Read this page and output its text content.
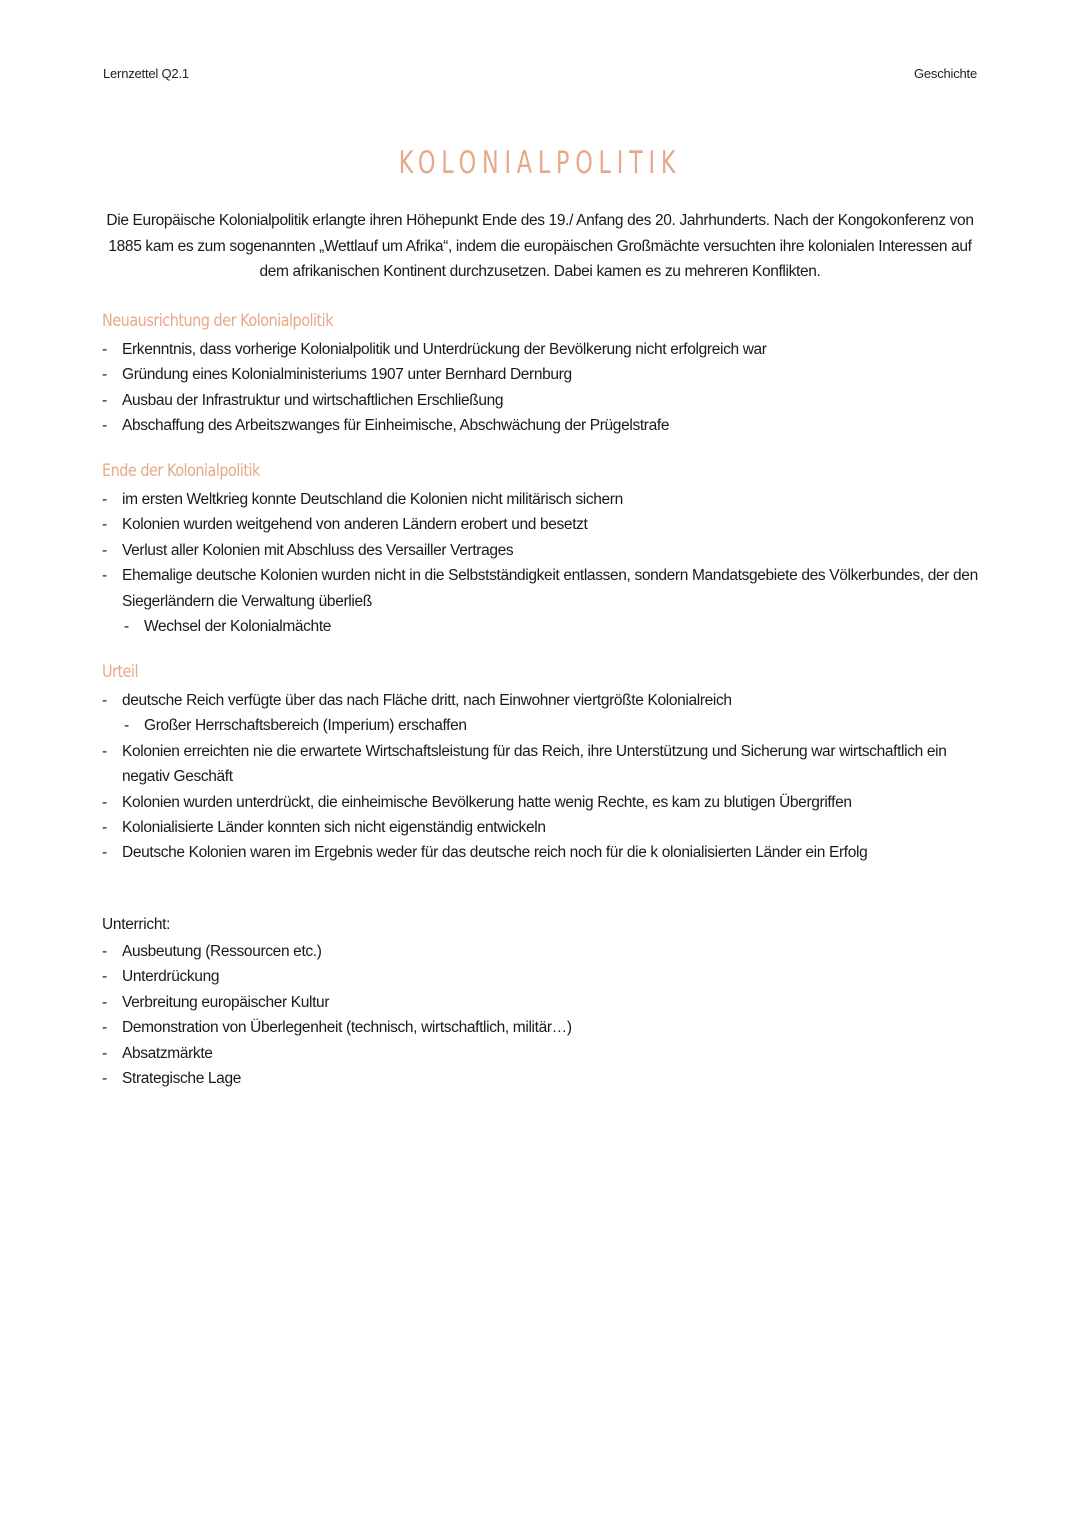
Lernzettel Q2.1	Geschichte
KOLONIALPOLITIK

Die Europäische Kolonialpolitik erlangte ihren Höhepunkt Ende des 19./ Anfang des 20. Jahrhunderts. Nach der Kongokonferenz von 1885 kam es zum sogenannten „Wettlauf um Afrika“, indem die europäischen Großmächte versuchten ihre kolonialen Interessen auf dem afrikanischen Kontinent durchzusetzen. Dabei kamen es zu mehreren Konflikten.

Neuausrichtung der Kolonialpolitik
- Erkenntnis, dass vorherige Kolonialpolitik und Unterdrückung der Bevölkerung nicht erfolgreich war
- Gründung eines Kolonialministeriums 1907 unter Bernhard Dernburg
- Ausbau der Infrastruktur und wirtschaftlichen Erschließung
- Abschaffung des Arbeitszwanges für Einheimische, Abschwächung der Prügelstrafe
Ende der Kolonialpolitik
- im ersten Weltkrieg konnte Deutschland die Kolonien nicht militärisch sichern
- Kolonien wurden weitgehend von anderen Ländern erobert und besetzt
- Verlust aller Kolonien mit Abschluss des Versailler Vertrages
- Ehemalige deutsche Kolonien wurden nicht in die Selbstständigkeit entlassen, sondern Mandatsgebiete des Völkerbundes, der den Siegerländern die Verwaltung überließ
- Wechsel der Kolonialmächte
Urteil
- deutsche Reich verfügte über das nach Fläche dritt, nach Einwohner viertgrößte Kolonialreich
- Großer Herrschaftsbereich (Imperium) erschaffen
- Kolonien erreichten nie die erwartete Wirtschaftsleistung für das Reich, ihre Unterstützung und Sicherung war wirtschaftlich ein negativ Geschäft
- Kolonien wurden unterdrückt, die einheimische Bevölkerung hatte wenig Rechte, es kam zu blutigen Übergriffen
- Kolonialisierte Länder konnten sich nicht eigenständig entwickeln
- Deutsche Kolonien waren im Ergebnis weder für das deutsche reich noch für die k olonialisierten Länder ein Erfolg
Unterricht:
- Ausbeutung (Ressourcen etc.)
- Unterdrückung
- Verbreitung europäischer Kultur
- Demonstration von Überlegenheit (technisch, wirtschaftlich, militär…)
- Absatzmärkte
- Strategische Lage
